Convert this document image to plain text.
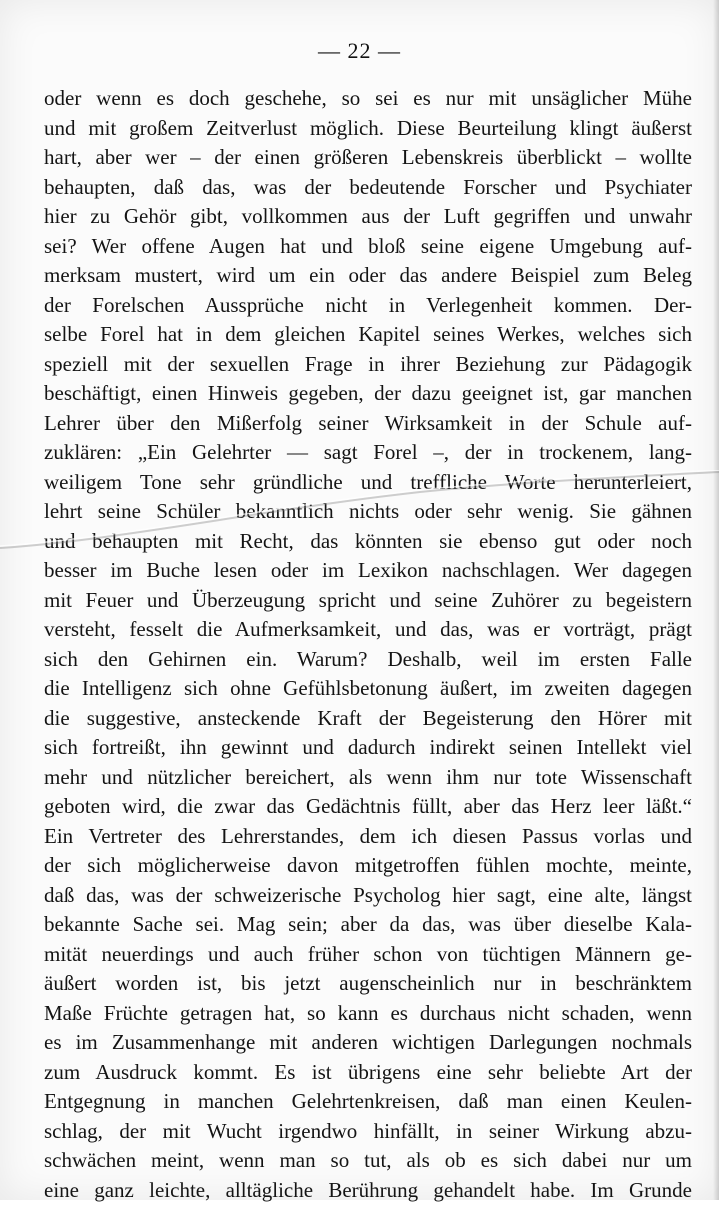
— 22 —
oder wenn es doch geschehe, so sei es nur mit unsäglicher Mühe
und mit großem Zeitverlust möglich. Diese Beurteilung klingt äußerst
hart, aber wer – der einen größeren Lebenskreis überblickt – wollte
behaupten, daß das, was der bedeutende Forscher und Psychiater
hier zu Gehör gibt, vollkommen aus der Luft gegriffen und unwahr
sei? Wer offene Augen hat und bloß seine eigene Umgebung auf-
merksam mustert, wird um ein oder das andere Beispiel zum Beleg
der Forelschen Aussprüche nicht in Verlegenheit kommen. Der-
selbe Forel hat in dem gleichen Kapitel seines Werkes, welches sich
speziell mit der sexuellen Frage in ihrer Beziehung zur Pädagogik
beschäftigt, einen Hinweis gegeben, der dazu geeignet ist, gar manchen
Lehrer über den Mißerfolg seiner Wirksamkeit in der Schule auf-
zuklären: „Ein Gelehrter — sagt Forel –, der in trockenem, lang-
weiligem Tone sehr gründliche und treffliche Worte herunterleiert,
lehrt seine Schüler bekanntlich nichts oder sehr wenig. Sie gähnen
und behaupten mit Recht, das könnten sie ebenso gut oder noch
besser im Buche lesen oder im Lexikon nachschlagen. Wer dagegen
mit Feuer und Überzeugung spricht und seine Zuhörer zu begeistern
versteht, fesselt die Aufmerksamkeit, und das, was er vorträgt, prägt
sich den Gehirnen ein. Warum? Deshalb, weil im ersten Falle
die Intelligenz sich ohne Gefühlsbetonung äußert, im zweiten dagegen
die suggestive, ansteckende Kraft der Begeisterung den Hörer mit
sich fortreißt, ihn gewinnt und dadurch indirekt seinen Intellekt viel
mehr und nützlicher bereichert, als wenn ihm nur tote Wissenschaft
geboten wird, die zwar das Gedächtnis füllt, aber das Herz leer läßt.“
Ein Vertreter des Lehrerstandes, dem ich diesen Passus vorlas und
der sich möglicherweise davon mitgetroffen fühlen mochte, meinte,
daß das, was der schweizerische Psycholog hier sagt, eine alte, längst
bekannte Sache sei. Mag sein; aber da das, was über dieselbe Kala-
mität neuerdings und auch früher schon von tüchtigen Männern ge-
äußert worden ist, bis jetzt augenscheinlich nur in beschränktem
Maße Früchte getragen hat, so kann es durchaus nicht schaden, wenn
es im Zusammenhange mit anderen wichtigen Darlegungen nochmals
zum Ausdruck kommt. Es ist übrigens eine sehr beliebte Art der
Entgegnung in manchen Gelehrtenkreisen, daß man einen Keulen-
schlag, der mit Wucht irgendwo hinfällt, in seiner Wirkung abzu-
schwächen meint, wenn man so tut, als ob es sich dabei nur um
eine ganz leichte, alltägliche Berührung gehandelt habe. Im Grunde
